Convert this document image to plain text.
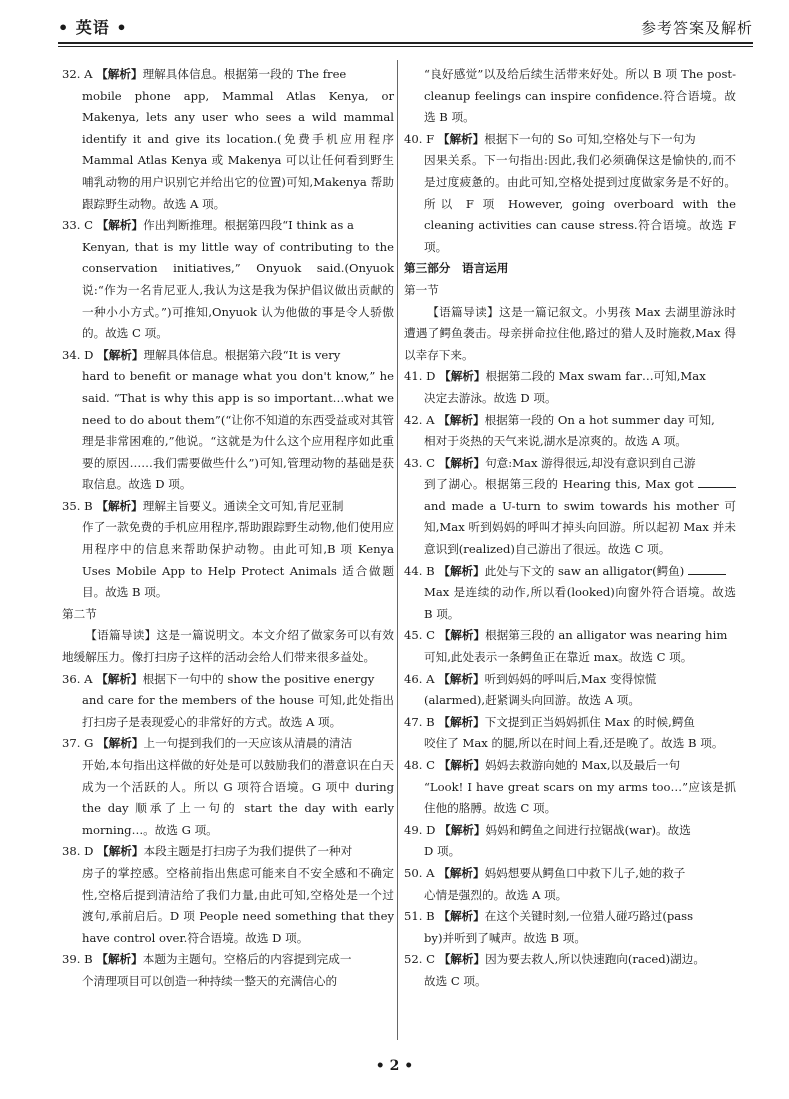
• 英语 •	参考答案及解析
32. A 【解析】理解具体信息。根据第一段的 The free
mobile phone app, Mammal Atlas Kenya, or Makenya, lets any user who sees a wild mammal identify it and give its location.(免费手机应用程序 Mammal Atlas Kenya 或 Makenya 可以让任何看到野生哺乳动物的用户识别它并给出它的位置)可知,Makenya 帮助跟踪野生动物。故选 A 项。
33. C 【解析】作出判断推理。根据第四段“I think as a
Kenyan, that is my little way of contributing to the conservation initiatives,” Onyuok said.(Onyuok 说:“作为一名肯尼亚人,我认为这是我为保护倡议做出贡献的一种小小方式。”)可推知,Onyuok 认为他做的事是令人骄傲的。故选 C 项。
34. D 【解析】理解具体信息。根据第六段“It is very
hard to benefit or manage what you don't know,” he said. “That is why this app is so important…what we need to do about them”(“让你不知道的东西受益或对其管理是非常困难的,”他说。“这就是为什么这个应用程序如此重要的原因……我们需要做些什么”)可知,管理动物的基础是获取信息。故选 D 项。
35. B 【解析】理解主旨要义。通读全文可知,肯尼亚制
作了一款免费的手机应用程序,帮助跟踪野生动物,他们使用应用程序中的信息来帮助保护动物。由此可知,B 项 Kenya Uses Mobile App to Help Protect Animals 适合做题目。故选 B 项。
第二节
【语篇导读】这是一篇说明文。本文介绍了做家务可以有效地缓解压力。像打扫房子这样的活动会给人们带来很多益处。
36. A 【解析】根据下一句中的 show the positive energy
and care for the members of the house 可知,此处指出打扫房子是表现爱心的非常好的方式。故选 A 项。
37. G 【解析】上一句提到我们的一天应该从清晨的清洁
开始,本句指出这样做的好处是可以鼓励我们的潜意识在白天成为一个活跃的人。所以 G 项符合语境。G 项中 during the day 顺承了上一句的 start the day with early morning…。故选 G 项。
38. D 【解析】本段主题是打扫房子为我们提供了一种对
房子的掌控感。空格前指出焦虑可能来自不安全感和不确定性,空格后提到清洁给了我们力量,由此可知,空格处是一个过渡句,承前启后。D 项 People need something that they have control over.符合语境。故选 D 项。
39. B 【解析】本题为主题句。空格后的内容提到完成一
个清理项目可以创造一种持续一整天的充满信心的
“良好感觉”以及给后续生活带来好处。所以 B 项 The post-cleanup feelings can inspire confidence.符合语境。故选 B 项。
40. F 【解析】根据下一句的 So 可知,空格处与下一句为
因果关系。下一句指出:因此,我们必须确保这是愉快的,而不是过度疲惫的。由此可知,空格处提到过度做家务是不好的。所以 F 项 However, going overboard with the cleaning activities can cause stress.符合语境。故选 F 项。
第三部分　语言运用
第一节
【语篇导读】这是一篇记叙文。小男孩 Max 去湖里游泳时遭遇了鳄鱼袭击。母亲拼命拉住他,路过的猎人及时施救,Max 得以幸存下来。
41. D 【解析】根据第二段的 Max swam far…可知,Max
决定去游泳。故选 D 项。
42. A 【解析】根据第一段的 On a hot summer day 可知,
相对于炎热的天气来说,湖水是凉爽的。故选 A 项。
43. C 【解析】句意:Max 游得很远,却没有意识到自己游
到了湖心。根据第三段的 Hearing this, Max got  and made a U-turn to swim towards his mother 可知,Max 听到妈妈的呼叫才掉头向回游。所以起初 Max 并未意识到(realized)自己游出了很远。故选 C 项。
44. B 【解析】此处与下文的 saw an alligator(鳄鱼)
Max 是连续的动作,所以看(looked)向窗外符合语境。故选 B 项。
45. C 【解析】根据第三段的 an alligator was nearing him
可知,此处表示一条鳄鱼正在靠近 max。故选 C 项。
46. A 【解析】听到妈妈的呼叫后,Max 变得惊慌
(alarmed),赶紧调头向回游。故选 A 项。
47. B 【解析】下文提到正当妈妈抓住 Max 的时候,鳄鱼
咬住了 Max 的腿,所以在时间上看,还是晚了。故选 B 项。
48. C 【解析】妈妈去救游向她的 Max,以及最后一句
“Look! I have great scars on my arms too…”应该是抓住他的胳膊。故选 C 项。
49. D 【解析】妈妈和鳄鱼之间进行拉锯战(war)。故选
D 项。
50. A 【解析】妈妈想要从鳄鱼口中救下儿子,她的救子
心情是强烈的。故选 A 项。
51. B 【解析】在这个关键时刻,一位猎人碰巧路过(pass
by)并听到了喊声。故选 B 项。
52. C 【解析】因为要去救人,所以快速跑向(raced)湖边。
故选 C 项。
• 2 •
